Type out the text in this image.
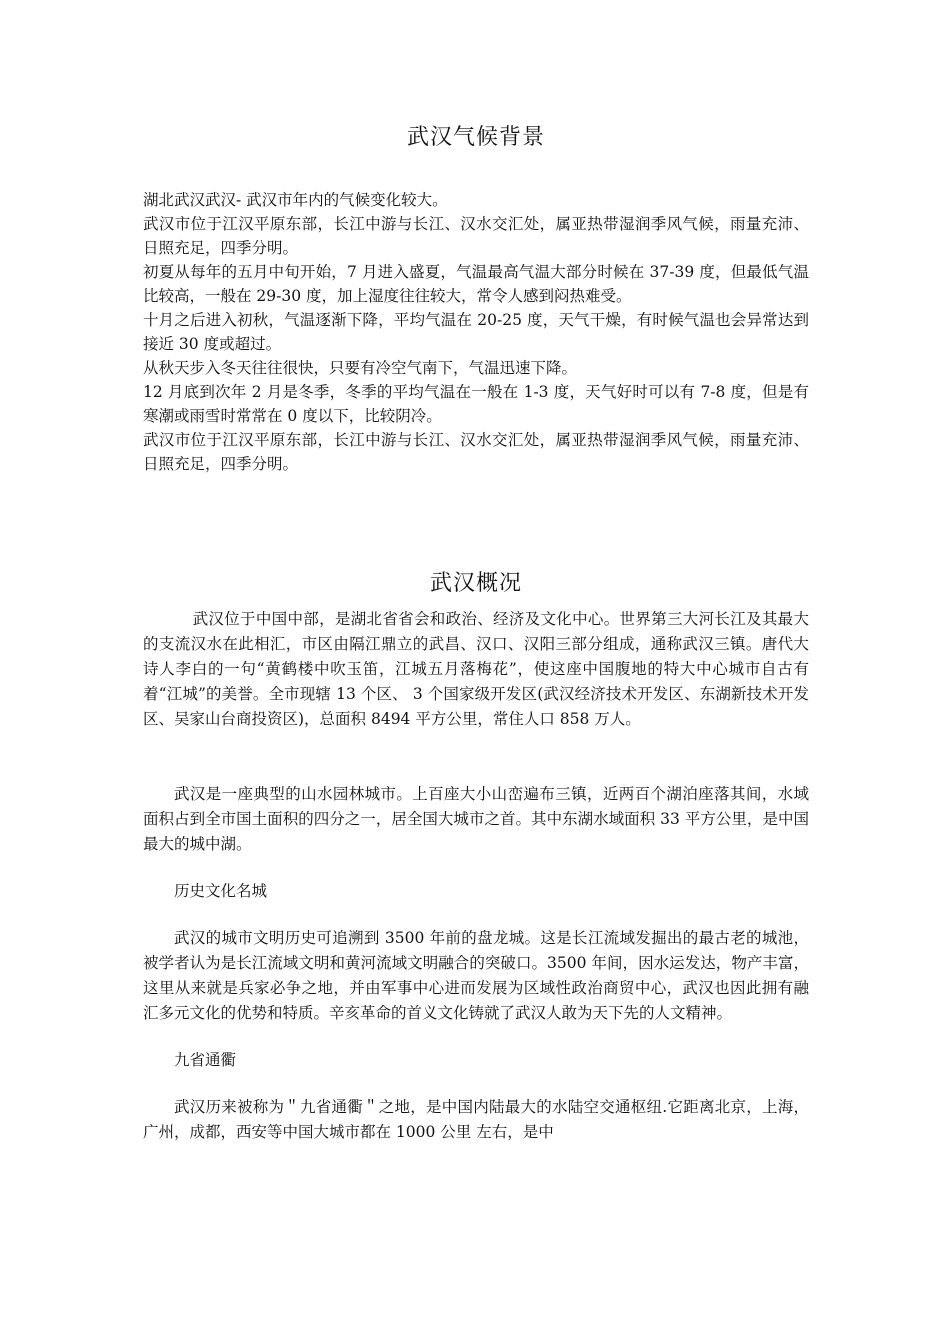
武汉气候背景

湖北武汉武汉- 武汉市年内的气候变化较大。

武汉市位于江汉平原东部，长江中游与长江、汉水交汇处，属亚热带湿润季风气候，雨量充沛、日照充足，四季分明。

初夏从每年的五月中旬开始，7 月进入盛夏，气温最高气温大部分时候在 37-39 度，但最低气温比较高，一般在 29-30 度，加上湿度往往较大，常令人感到闷热难受。

十月之后进入初秋，气温逐渐下降，平均气温在 20-25 度，天气干燥，有时候气温也会异常达到接近 30 度或超过。

从秋天步入冬天往往很快，只要有冷空气南下，气温迅速下降。

12 月底到次年 2 月是冬季，冬季的平均气温在一般在 1-3 度，天气好时可以有 7-8 度，但是有寒潮或雨雪时常常在 0 度以下，比较阴冷。

武汉市位于江汉平原东部，长江中游与长江、汉水交汇处，属亚热带湿润季风气候，雨量充沛、日照充足，四季分明。

武汉概况

武汉位于中国中部，是湖北省省会和政治、经济及文化中心。世界第三大河长江及其最大的支流汉水在此相汇，市区由隔江鼎立的武昌、汉口、汉阳三部分组成，通称武汉三镇。唐代大诗人李白的一句“黄鹤楼中吹玉笛，江城五月落梅花”，使这座中国腹地的特大中心城市自古有着“江城”的美誉。全市现辖 13 个区、 3 个国家级开发区(武汉经济技术开发区、东湖新技术开发区、吴家山台商投资区)，总面积 8494 平方公里，常住人口 858 万人。

武汉是一座典型的山水园林城市。上百座大小山峦遍布三镇，近两百个湖泊座落其间，水域面积占到全市国土面积的四分之一，居全国大城市之首。其中东湖水域面积 33 平方公里，是中国最大的城中湖。

历史文化名城

武汉的城市文明历史可追溯到 3500 年前的盘龙城。这是长江流域发掘出的最古老的城池，被学者认为是长江流域文明和黄河流域文明融合的突破口。3500 年间，因水运发达，物产丰富，这里从来就是兵家必争之地，并由军事中心进而发展为区域性政治商贸中心，武汉也因此拥有融汇多元文化的优势和特质。辛亥革命的首义文化铸就了武汉人敢为天下先的人文精神。

九省通衢

武汉历来被称为＂九省通衢＂之地，是中国内陆最大的水陆空交通枢纽.它距离北京，上海，广州，成都，西安等中国大城市都在 1000 公里 左右，是中
